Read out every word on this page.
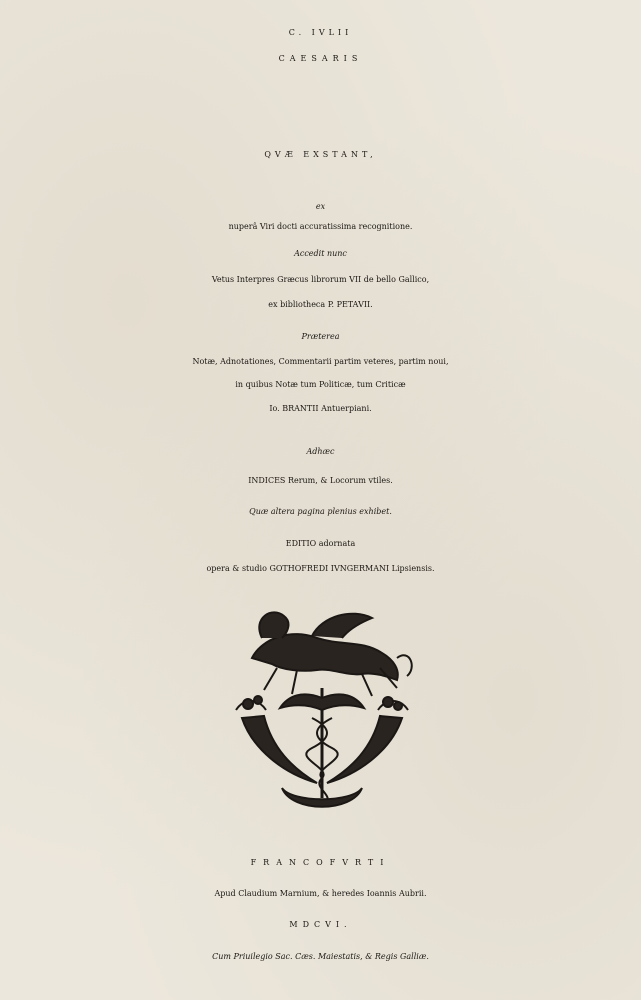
C. IVLII
CAESARIS
QVÆ EXSTANT,
ex
nuperâ Viri docti accuratissima recognitione.
Accedit nunc
Vetus Interpres Græcus librorum VII de bello Gallico,
ex bibliotheca P. PETAVII.
Præterea
Notæ, Adnotationes, Commentarii partim veteres, partim noui,
in quibus Notæ tum Politicæ, tum Criticæ
Io. BRANTII Antuerpiani.
Adhæc
INDICES Rerum, & Locorum vtiles.
Quæ altera pagina plenius exhibet.
EDITIO adornata
opera & studio GOTHOFREDI IVNGERMANI Lipsiensis.
FRANCOFVRTI
Apud Claudium Marnium, & heredes Ioannis Aubrii.
MDCVI.
Cum Priuilegio Sac. Cæs. Maiestatis, & Regis Galliæ.
